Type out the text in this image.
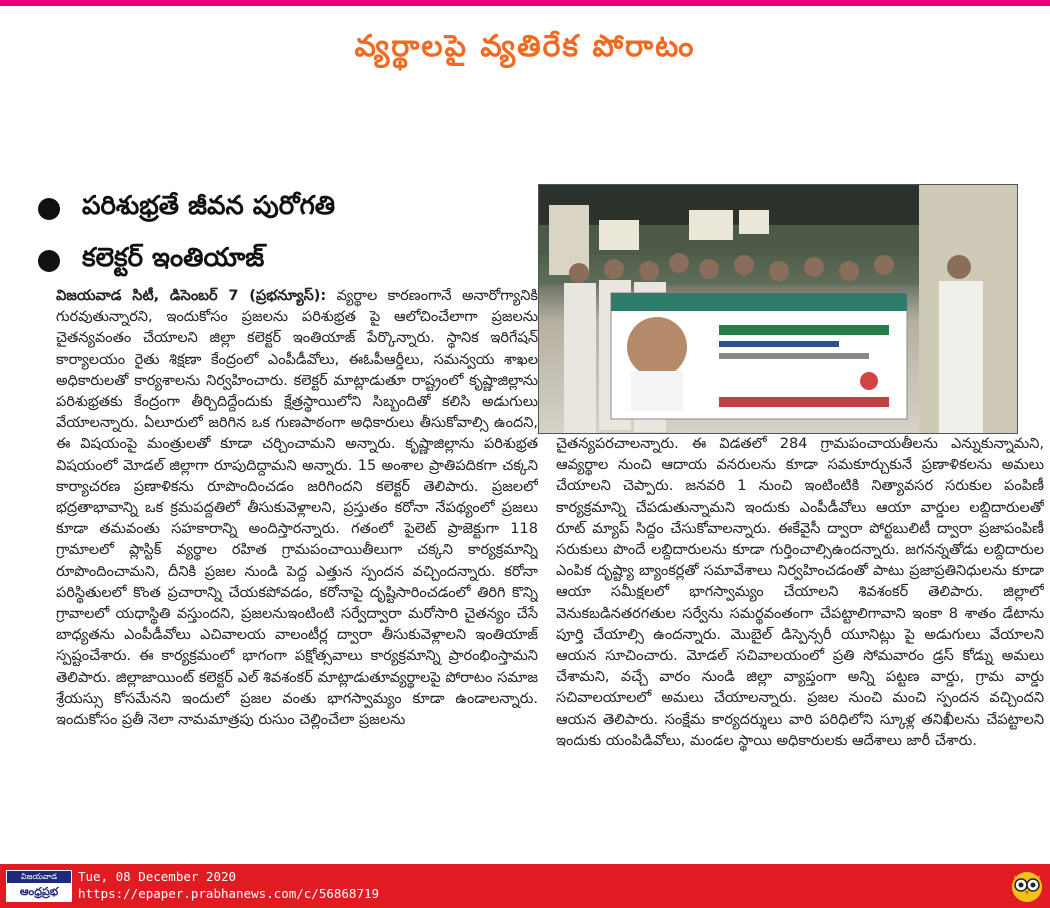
వ్యర్థాలపై వ్యతిరేక పోరాటం
పరిశుభ్రతే జీవన పురోగతి
కలెక్టర్ ఇంతియాజ్
విజయవాడ సిటీ, డిసెంబర్ 7 (ప్రభన్యూస్): వ్యర్థాల కారణంగానే అనారోగ్యానికి గురవుతున్నారని, ఇందుకోసం ప్రజలను పరిశుభ్రత పై ఆలోచించేలాగా ప్రజలను చైతన్యవంతం చేయాలని జిల్లా కలెక్టర్ ఇంతియాజ్ పేర్కొన్నారు. స్థానిక ఇరిగేషన్ కార్యాలయం రైతు శిక్షణా కేంద్రంలో ఎంపీడీవోలు, ఈఓపీఆర్డీలు, సమన్వయ శాఖల అధికారులతో కార్యశాలను నిర్వహించారు. కలెక్టర్ మాట్లాడుతూ రాష్ట్రంలో కృష్ణాజిల్లాను పరిశుభ్రతకు కేంద్రంగా తీర్చిదిద్దేందుకు క్షేత్రస్థాయిలోని సిబ్బందితో కలిసి అడుగులు వేయాలన్నారు. ఏలూరులో జరిగిన ఒక గుణపాఠంగా అధికారులు తీసుకోవాల్సి ఉందని, ఈ విషయంపై మంత్రులతో కూడా చర్చించామని అన్నారు. కృష్ణాజిల్లాను పరిశుభ్రత విషయంలో మోడల్ జిల్లాగా రూపుదిద్దామని అన్నారు. 15 అంశాల ప్రాతిపదికగా చక్కని కార్యాచరణ ప్రణాళికను రూపొందించడం జరిగిందని కలెక్టర్ తెలిపారు. ప్రజలలో భద్రతాభావాన్ని ఒక క్రమపద్దతిలో తీసుకువెళ్లాలని, ప్రస్తుతం కరోనా నేపథ్యంలో ప్రజలు కూడా తమవంతు సహకారాన్ని అందిస్తారన్నారు. గతంలో పైలెట్ ప్రాజెక్టుగా 118 గ్రామాలలో ప్లాస్టిక్ వ్యర్థాల రహిత గ్రామపంచాయితీలుగా చక్కని కార్యక్రమాన్ని రూపొందించామని, దీనికి ప్రజల నుండి పెద్ద ఎత్తున స్పందన వచ్చిందన్నారు. కరోనా పరిస్థితులలో కొంత ప్రచారాన్ని చేయకపోవడం, కరోనాపై దృష్టిసారించడంలో తిరిగి కొన్ని గ్రావాలలో యధాస్థితి వస్తుందని, ప్రజలనుఇంటింటి సర్వేద్వారా మరోసారి చైతన్యం చేసే బాధ్యతను ఎంపీడీవోలు ఎచివాలయ వాలంటీర్ల ద్వారా తీసుకువెళ్లాలని ఇంతియాజ్ స్పష్టంచేశారు. ఈ కార్యక్రమంలో భాగంగా పక్షోత్సవాలు కార్యక్రమాన్ని ప్రారంభింస్తామని తెలిపారు. జిల్లాజాయింట్ కలెక్టర్ ఎల్ శివశంకర్ మాట్లాడుతూవ్యర్థాలపై పోరాటం సమాజ శ్రేయస్సు కోసమేనని ఇందులో ప్రజల వంతు భాగస్వామ్యం కూడా ఉండాలన్నారు. ఇందుకోసం ప్రతీ నెలా నామమాత్రపు రుసుం చెల్లించేలా ప్రజలను
చైతన్యపరచాలన్నారు. ఈ విడతలో 284 గ్రామపంచాయతీలను ఎన్నుకున్నామని, ఆవ్యర్థాల నుంచి ఆదాయ వనరులను కూడా సమకూర్చుకునే ప్రణాళికలను అమలు చేయాలని చెప్పారు. జనవరి 1 నుంచి ఇంటింటికి నిత్యావసర సరుకుల పంపిణీ కార్యక్రమాన్ని చేపడుతున్నామని ఇందుకు ఎంపీడీవోలు ఆయా వార్డుల లబ్దిదారులతో రూట్ మ్యాప్ సిద్దం చేసుకోవాలన్నారు. ఈకేవైసీ ద్వారా పోర్టబులిటీ ద్వారా ప్రజాపంపిణీ సరుకులు పొందే లబ్దిదారులను కూడా గుర్తించాల్సిఉందన్నారు. జగనన్నతోడు లబ్దిదారుల ఎంపిక దృష్ట్యా బ్యాంకర్లతో సమావేశాలు నిర్వహించడంతో పాటు ప్రజాప్రతినిధులను కూడా ఆయా సమీక్షలలో భాగస్వామ్యం చేయాలని శివశంకర్ తెలిపారు. జిల్లాలో వెనుకబడినతరగతుల సర్వేను సమర్థవంతంగా చేపట్టాలిగావాని ఇంకా 8 శాతం డేటాను పూర్తి చేయాల్సి ఉందన్నారు. మొబైల్ డిస్పెన్సరీ యూనిట్లు పై అడుగులు వేయాలని ఆయన సూచించారు. మోడల్ సచివాలయంలో ప్రతి సోమవారం డ్రస్ కోడ్ను అమలు చేశామని, వచ్చే వారం నుండి జిల్లా వ్యాప్తంగా అన్ని పట్టణ వార్డు, గ్రామ వార్డు సచివాలయాలలో అమలు చేయాలన్నారు. ప్రజల నుంచి మంచి స్పందన వచ్చిందని ఆయన తెలిపారు. సంక్షేమ కార్యదర్శులు వారి పరిధిలోని స్కూళ్ల తనిఖీలను చేపట్టాలని ఇందుకు యంపిడివోలు, మండల స్థాయి అధికారులకు ఆదేశాలు జారీ చేశారు.
విజయవాడ
ఆంధ్రప్రభ
Tue, 08 December 2020
https://epaper.prabhanews.com/c/56868719
